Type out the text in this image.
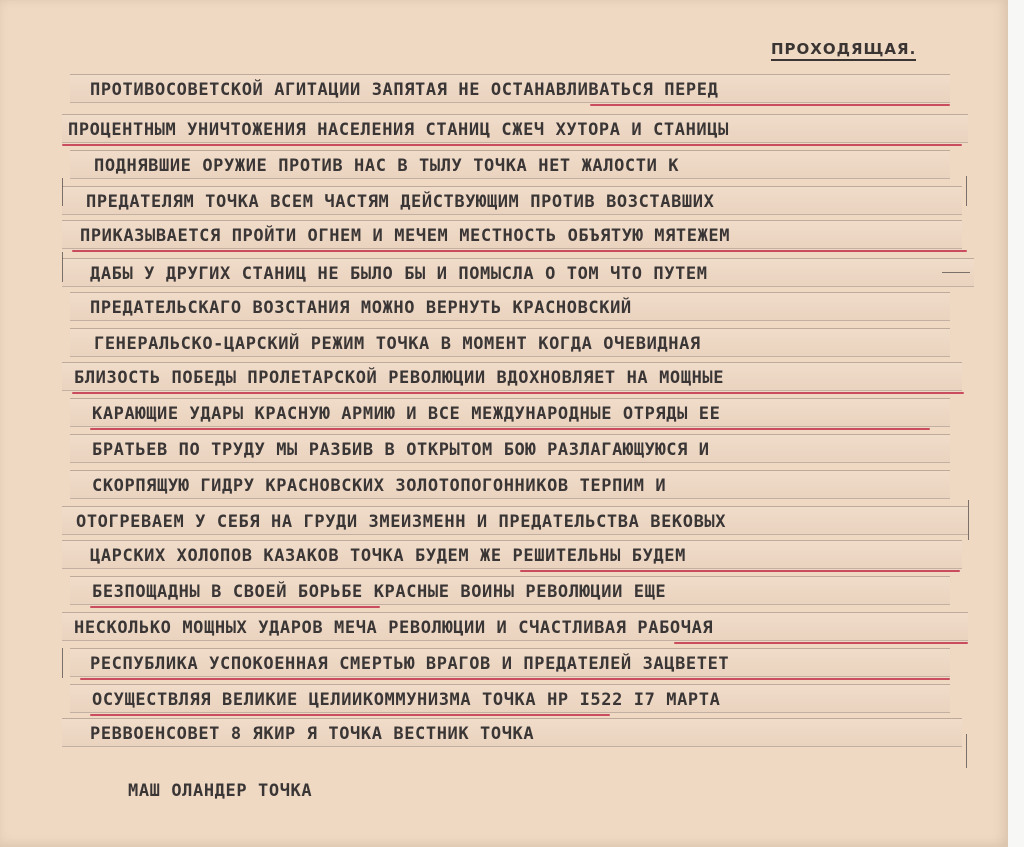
ПРОХОДЯЩАЯ.
ПРОТИВОСОВЕТСКОЙ АГИТАЦИИ ЗАПЯТАЯ НЕ ОСТАНАВЛИВАТЬСЯ ПЕРЕД
ПРОЦЕНТНЫМ УНИЧТОЖЕНИЯ НАСЕЛЕНИЯ СТАНИЦ СЖЕЧ ХУТОРА И СТАНИЦЫ
ПОДНЯВШИЕ ОРУЖИЕ ПРОТИВ НАС В ТЫЛУ ТОЧКА НЕТ ЖАЛОСТИ К
ПРЕДАТЕЛЯМ ТОЧКА ВСЕМ ЧАСТЯМ ДЕЙСТВУЮЩИМ ПРОТИВ ВОЗСТАВШИХ
ПРИКАЗЫВАЕТСЯ ПРОЙТИ ОГНЕМ И МЕЧЕМ МЕСТНОСТЬ ОБЪЯТУЮ МЯТЕЖЕМ
ДАБЫ У ДРУГИХ СТАНИЦ НЕ БЫЛО БЫ И ПОМЫСЛА О ТОМ ЧТО ПУТЕМ
ПРЕДАТЕЛЬСКАГО ВОЗСТАНИЯ МОЖНО ВЕРНУТЬ КРАСНОВСКИЙ
ГЕНЕРАЛЬСКО-ЦАРСКИЙ РЕЖИМ ТОЧКА В МОМЕНТ КОГДА ОЧЕВИДНАЯ
БЛИЗОСТЬ ПОБЕДЫ ПРОЛЕТАРСКОЙ РЕВОЛЮЦИИ ВДОХНОВЛЯЕТ НА МОЩНЫЕ
КАРАЮЩИЕ УДАРЫ КРАСНУЮ АРМИЮ И ВСЕ МЕЖДУНАРОДНЫЕ ОТРЯДЫ ЕЕ
БРАТЬЕВ ПО ТРУДУ МЫ РАЗБИВ В ОТКРЫТОМ БОЮ РАЗЛАГАЮЩУЮСЯ И
СКОРПЯЩУЮ ГИДРУ КРАСНОВСКИХ ЗОЛОТОПОГОННИКОВ ТЕРПИМ И
ОТОГРЕВАЕМ У СЕБЯ НА ГРУДИ ЗМЕИЗМЕНН И ПРЕДАТЕЛЬСТВА ВЕКОВЫХ
ЦАРСКИХ ХОЛОПОВ КАЗАКОВ ТОЧКА БУДЕМ ЖЕ РЕШИТЕЛЬНЫ БУДЕМ
БЕЗПОЩАДНЫ В СВОЕЙ БОРЬБЕ КРАСНЫЕ ВОИНЫ РЕВОЛЮЦИИ ЕЩЕ
НЕСКОЛЬКО МОЩНЫХ УДАРОВ МЕЧА РЕВОЛЮЦИИ И СЧАСТЛИВАЯ РАБОЧАЯ
РЕСПУБЛИКА УСПОКОЕННАЯ СМЕРТЬЮ ВРАГОВ И ПРЕДАТЕЛЕЙ ЗАЦВЕТЕТ
ОСУЩЕСТВЛЯЯ ВЕЛИКИЕ ЦЕЛИИКОММУНИЗМА ТОЧКА НР I522 I7 МАРТА
РЕВВОЕНСОВЕТ 8 ЯКИР Я ТОЧКА ВЕСТНИК ТОЧКА
МАШ ОЛАНДЕР ТОЧКА
